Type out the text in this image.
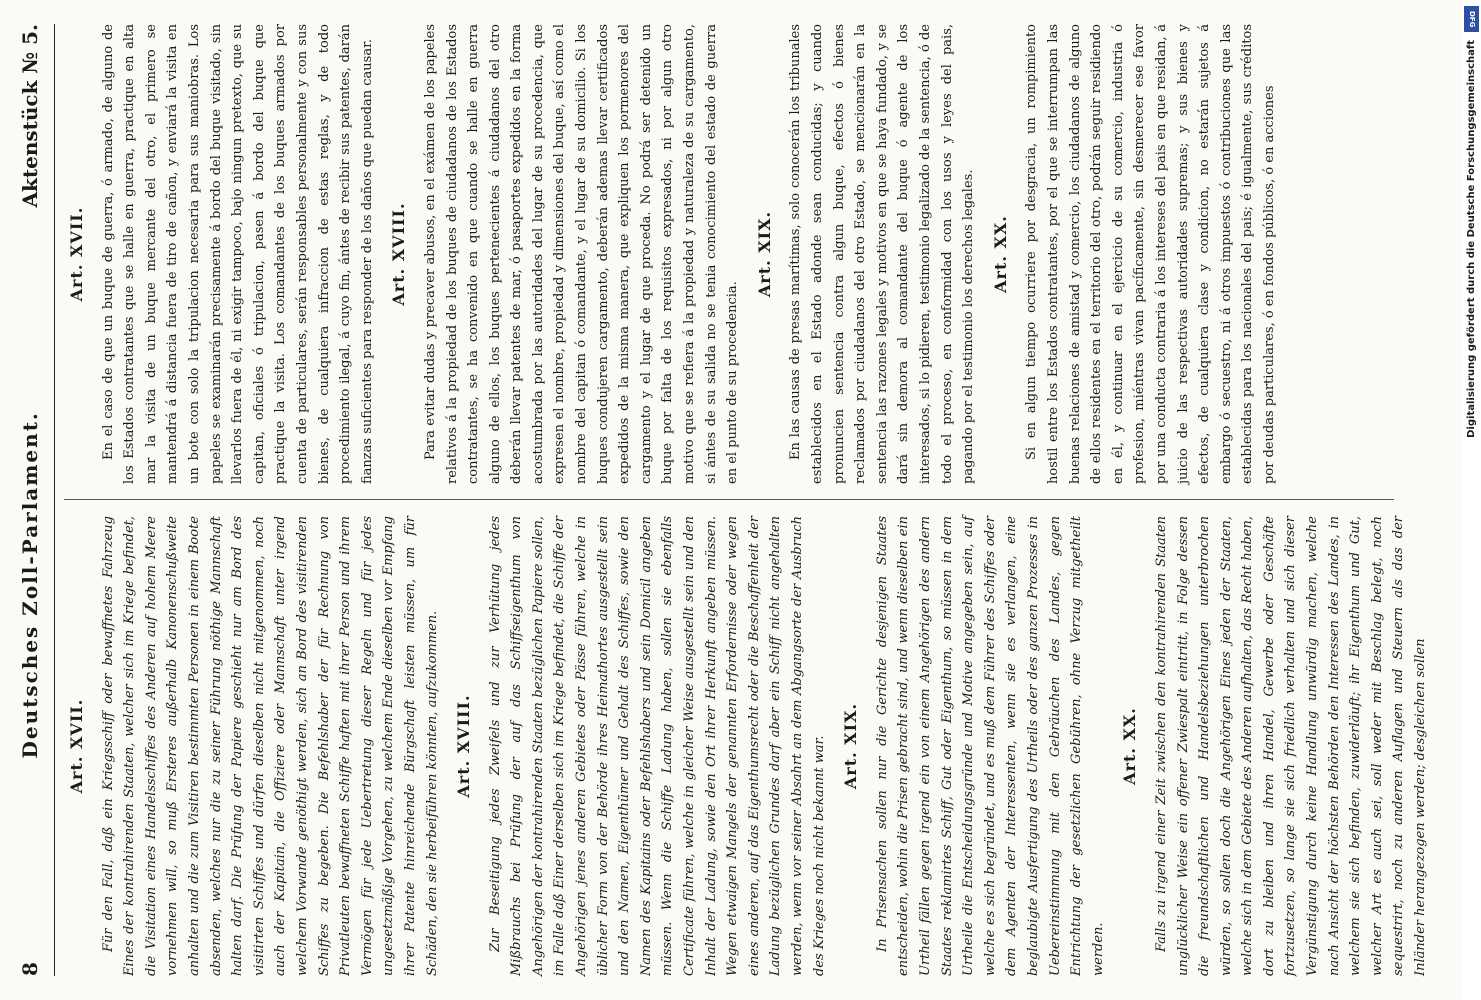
8
Deutsches Zoll-Parlament.
Aktenstück № 5.
Art. XVII. Für den Fall, daß ein Kriegsschiff oder bewaffnetes Fahrzeug Eines der kontrahirenden Staaten, welcher sich im Kriege befindet, die Visitation eines Handelsschiffes des Anderen auf hohem Meere vornehmen will, so muß Ersteres außerhalb Kanonenschußweite anhalten und die zum Visitiren bestimmten Personen in einem Boote absenden, welches nur die zu seiner Führung nöthige Mannschaft halten darf. Die Prüfung der Papiere geschieht nur am Bord des visitirten Schiffes und dürfen dieselben nicht mitgenommen, noch auch der Kapitain, die Offiziere oder Mannschaft unter irgend welchem Vorwande genöthigt werden, sich an Bord des visitirenden Schiffes zu begeben. Die Befehlshaber der für Rechnung von Privatleuten bewaffneten Schiffe haften mit ihrer Person und ihrem Vermögen für jede Uebertretung dieser Regeln und für jedes ungesetzmäßige Vorgehen, zu welchem Ende dieselben vor Empfang ihrer Patente hinreichende Bürgschaft leisten müssen, um für Schäden, den sie herbeiführen könnten, aufzukommen. Art. XVIII. Zur Beseitigung jedes Zweifels und zur Verhütung jedes Mißbrauchs bei Prüfung der auf das Schiffseigenthum von Angehörigen der kontrahirenden Staaten bezüglichen Papiere sollen, im Falle daß Einer derselben sich im Kriege befindet, die Schiffe der Angehörigen jenes anderen Gebietes oder Pässe führen, welche in üblicher Form von der Behörde ihres Heimathortes ausgestellt sein und den Namen, Eigenthümer und Gehalt des Schiffes, sowie den Namen des Kapitains oder Befehlshabers und sein Domicil angeben müssen. Wenn die Schiffe Ladung haben, sollen sie ebenfalls Certificate führen, welche in gleicher Weise ausgestellt sein und den Inhalt der Ladung, sowie den Ort ihrer Herkunft angeben müssen. Wegen etwaigen Mangels der genannten Erfordernisse oder wegen eines anderen, auf das Eigenthumsrecht oder die Beschaffenheit der Ladung bezüglichen Grundes darf aber ein Schiff nicht angehalten werden, wenn vor seiner Absahrt an dem Abgangsorte der Ausbruch des Krieges noch nicht bekannt war. Art. XIX. In Prisensachen sollen nur die Gerichte desjenigen Staates entscheiden, wohin die Prisen gebracht sind, und wenn dieselben ein Urtheil fällen gegen irgend ein von einem Angehörigen des andern Staates reklamirtes Schiff, Gut oder Eigenthum, so müssen in dem Urtheile die Entscheidungsgründe und Motive angegeben sein, auf welche es sich begründet, und es muß dem Führer des Schiffes oder dem Agenten der Interessenten, wenn sie es verlangen, eine beglaubigte Ausfertigung des Urtheils oder des ganzen Prozesses in Uebereinstimmung mit den Gebräuchen des Landes, gegen Entrichtung der gesetzlichen Gebühren, ohne Verzug mitgetheilt werden.

Art. XX. Falls zu irgend einer Zeit zwischen den kontrahirenden Staaten unglücklicher Weise ein offener Zwiespalt eintritt, in Folge dessen die freundschaftlichen und Handelsbeziehungen unterbrochen würden, so sollen doch die Angehörigen Eines jeden der Staaten, welche sich in dem Gebiete des Anderen aufhalten, das Recht haben, dort zu bleiben und ihren Handel, Gewerbe oder Geschäfte fortzusetzen, so lange sie sich friedlich verhalten und sich dieser Vergünstigung durch keine Handlung unwürdig machen, welche nach Ansicht der höchsten Behörden den Interessen des Landes, in welchem sie sich befinden, zuwiderläuft; ihr Eigenthum und Gut, welcher Art es auch sei, soll weder mit Beschlag belegt, noch sequestrirt, noch zu anderen Auflagen und Steuern als das der Inländer herangezogen werden; desgleichen sollen

Art. XVII. En el caso de que un buque de guerra, ó armado, de alguno de los Estados contratantes que se halle en guerra, practique en alta mar la visita de un buque mercante del otro, el primero se mantendrá á distancia fuera de tiro de cañon, y enviará la visita en un bote con solo la tripulacion necesaria para sus maniobras. Los papeles se examinarán precisamente á bordo del buque visitado, sin llevarlos fuera de él, ni exigir tampoco, bajo ningun pretexto, que su capitan, oficiales ó tripulacion, pasen á bordo del buque que practique la visita. Los comandantes de los buques armados por cuenta de particulares, serán responsables personalmente y con sus bienes, de cualquiera infraccion de estas reglas, y de todo procedimiento ilegal, á cuyo fin, ántes de recibir sus patentes, darán fianzas suficientes para responder de los daños que puedan causar. Art. XVIII. Para evitar dudas y precaver abusos, en el exámen de los papeles relativos á la propiedad de los buques de ciudadanos de los Estados contratantes, se ha convenido en que cuando se halle en guerra alguno de ellos, los buques pertenecientes á ciudadanos del otro deberán llevar patentes de mar, ó pasaportes expedidos en la forma acostumbrada por las autoridades del lugar de su procedencia, que expresen el nombre, propiedad y dimensiones del buque, así como el nombre del capitan ó comandante, y el lugar de su domicilio. Si los buques condujeren cargamento, deberán ademas llevar certificados expedidos de la misma manera, que expliquen los pormenores del cargamento y el lugar de que proceda. No podrá ser detenido un buque por falta de los requisitos expresados, ni por algun otro motivo que se refiera á la propiedad y naturaleza de su cargamento, si ántes de su salida no se tenia conocimiento del estado de guerra en el punto de su procedencia.

Art. XIX. En las causas de presas marítimas, solo conocerán los tribunales establecidos en el Estado adonde sean conducidas; y cuando pronuncien sentencia contra algun buque, efectos ó bienes reclamados por ciudadanos del otro Estado, se mencionarán en la sentencia las razones legales y motivos en que se haya fundado, y se dará sin demora al comandante del buque ó agente de los interesados, si lo pidieren, testimonio legalizado de la sentencia, ó de todo el proceso, en conformidad con los usos y leyes del pais, pagando por el testimonio los derechos legales. Art. XX. Si en algun tiempo ocurriere por desgracia, un rompimiento hostil entre los Estados contratantes, por el que se interrumpan las buenas relaciones de amistad y comercio, los ciudadanos de alguno de ellos residentes en el territorio del otro, podrán seguir residiendo en él, y continuar en el ejercicio de su comercio, industria ó profesion, miéntras vivan pacíficamente, sin desmerecer ese favor por una conducta contraria á los intereses del pais en que residan, á juicio de las respectivas autoridades supremas; y sus bienes y efectos, de cualquiera clase y condicion, no estarán sujetos á embargo ó secuestro, ni á otros impuestos ó contribuciones que las establecidas para los nacionales del pais; é igualmente, sus créditos por deudas particulares, ó en fondos públicos, ó en acciones

DFG
Digitalisierung gefördert durch die Deutsche Forschungsgemeinschaft
